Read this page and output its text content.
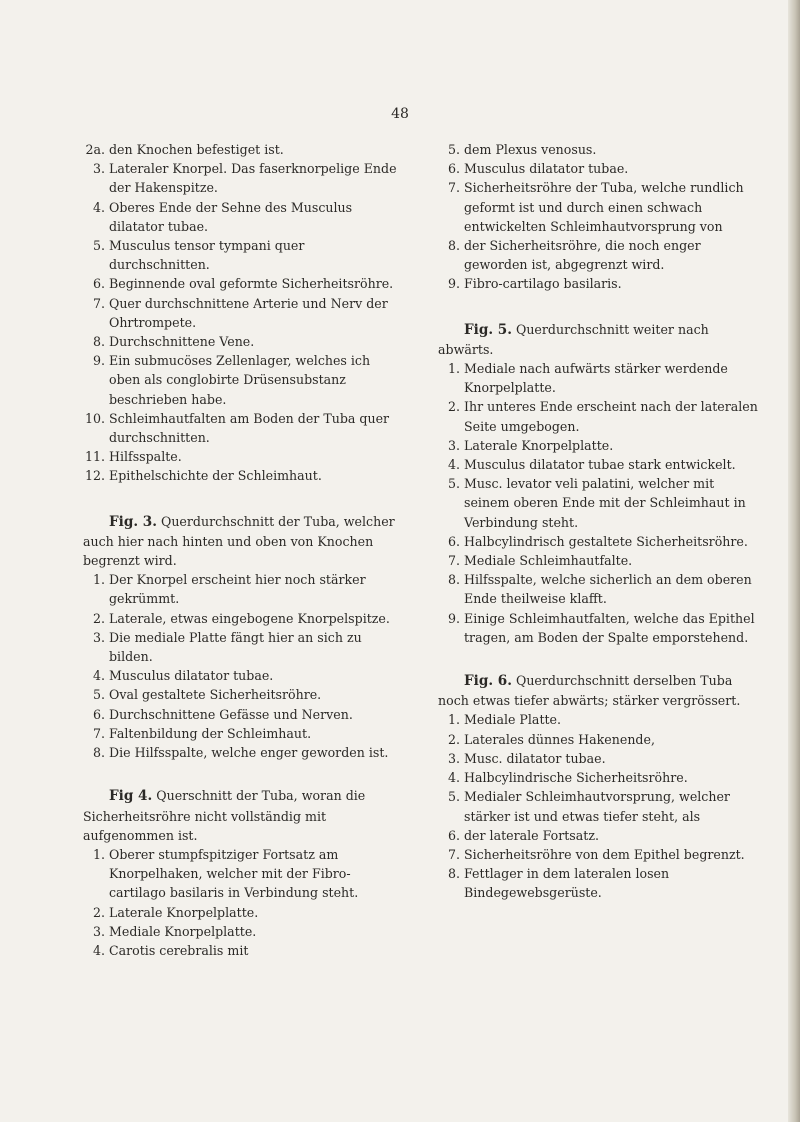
48
2a. den Knochen befestiget ist.
3. Lateraler Knorpel. Das faserknorpelige Ende der Hakenspitze.
4. Oberes Ende der Sehne des Musculus dilatator tubae.
5. Musculus tensor tympani quer durchschnitten.
6. Beginnende oval geformte Sicherheitsröhre.
7. Quer durchschnittene Arterie und Nerv der Ohrtrompete.
8. Durchschnittene Vene.
9. Ein submucöses Zellenlager, welches ich oben als conglobirte Drüsensubstanz beschrieben habe.
10. Schleimhautfalten am Boden der Tuba quer durchschnitten.
11. Hilfsspalte.
12. Epithelschichte der Schleimhaut.
Fig. 3. Querdurchschnitt der Tuba, welcher auch hier nach hinten und oben von Knochen begrenzt wird.
1. Der Knorpel erscheint hier noch stärker gekrümmt.
2. Laterale, etwas eingebogene Knorpelspitze.
3. Die mediale Platte fängt hier an sich zu bilden.
4. Musculus dilatator tubae.
5. Oval gestaltete Sicherheitsröhre.
6. Durchschnittene Gefässe und Nerven.
7. Faltenbildung der Schleimhaut.
8. Die Hilfsspalte, welche enger geworden ist.
Fig 4. Querschnitt der Tuba, woran die Sicherheitsröhre nicht vollständig mit aufgenommen ist.
1. Oberer stumpfspitziger Fortsatz am Knorpelhaken, welcher mit der Fibro-cartilago basilaris in Verbindung steht.
2. Laterale Knorpelplatte.
3. Mediale Knorpelplatte.
4. Carotis cerebralis mit
5. dem Plexus venosus.
6. Musculus dilatator tubae.
7. Sicherheitsröhre der Tuba, welche rundlich geformt ist und durch einen schwach entwickelten Schleimhautvorsprung von
8. der Sicherheitsröhre, die noch enger geworden ist, abgegrenzt wird.
9. Fibro-cartilago basilaris.
Fig. 5. Querdurchschnitt weiter nach abwärts.
1. Mediale nach aufwärts stärker werdende Knorpelplatte.
2. Ihr unteres Ende erscheint nach der lateralen Seite umgebogen.
3. Laterale Knorpelplatte.
4. Musculus dilatator tubae stark entwickelt.
5. Musc. levator veli palatini, welcher mit seinem oberen Ende mit der Schleimhaut in Verbindung steht.
6. Halbcylindrisch gestaltete Sicherheitsröhre.
7. Mediale Schleimhautfalte.
8. Hilfsspalte, welche sicherlich an dem oberen Ende theilweise klafft.
9. Einige Schleimhautfalten, welche das Epithel tragen, am Boden der Spalte emporstehend.
Fig. 6. Querdurchschnitt derselben Tuba noch etwas tiefer abwärts; stärker vergrössert.
1. Mediale Platte.
2. Laterales dünnes Hakenende,
3. Musc. dilatator tubae.
4. Halbcylindrische Sicherheitsröhre.
5. Medialer Schleimhautvorsprung, welcher stärker ist und etwas tiefer steht, als
6. der laterale Fortsatz.
7. Sicherheitsröhre von dem Epithel begrenzt.
8. Fettlager in dem lateralen losen Bindegewebsgerüste.
